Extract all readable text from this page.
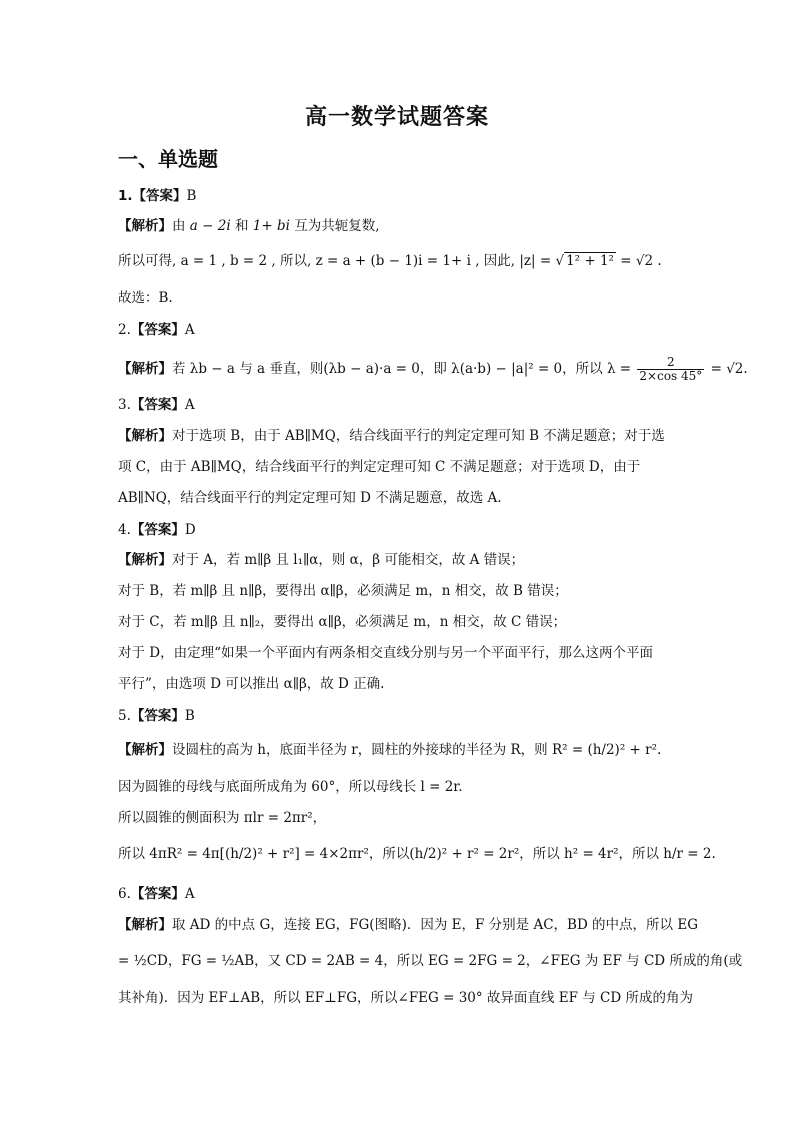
高一数学试题答案
一、单选题
1.【答案】B
【解析】由 a − 2i 和 1+ bi 互为共轭复数,
所以可得, a = 1 , b = 2 , 所以, z = a + (b − 1)i = 1+ i , 因此, |z| = √ 1² + 1² = √2 .
故选：B.
2.【答案】A
【解析】若 λb − a 与 a 垂直，则(λb − a)·a = 0，即 λ(a·b) − |a|² = 0，所以 $\lambda = \frac{2}{2\times\cos 45^\circ} = √2$.
3.【答案】A
【解析】对于选项 B，由于 AB∥MQ，结合线面平行的判定定理可知 B 不满足题意；对于选
项 C，由于 AB∥MQ，结合线面平行的判定定理可知 C 不满足题意；对于选项 D，由于
AB∥NQ，结合线面平行的判定定理可知 D 不满足题意，故选 A.
4.【答案】D
【解析】对于 A，若 m∥β 且 l₁∥α，则 α，β 可能相交，故 A 错误；
对于 B，若 m∥β 且 n∥β，要得出 α∥β，必须满足 m，n 相交，故 B 错误；
对于 C，若 m∥β 且 n∥₂，要得出 α∥β，必须满足 m，n 相交，故 C 错误；
对于 D，由定理“如果一个平面内有两条相交直线分别与另一个平面平行，那么这两个平面
平行”，由选项 D 可以推出 α∥β，故 D 正确.
5.【答案】B
【解析】设圆柱的高为 h，底面半径为 r，圆柱的外接球的半径为 R，则 R² = (h/2)² + r².
因为圆锥的母线与底面所成角为 60°，所以母线长 l = 2r.
所以圆锥的侧面积为 πlr = 2πr²，
所以 4πR² = 4π[(h/2)² + r²] = 4×2πr²，所以(h/2)² + r² = 2r²，所以 h² = 4r²，所以 h/r = 2.
6.【答案】A
【解析】取 AD 的中点 G，连接 EG，FG(图略)．因为 E，F 分别是 AC，BD 的中点，所以 EG
= ½CD，FG = ½AB，又 CD = 2AB = 4，所以 EG = 2FG = 2，∠FEG 为 EF 与 CD 所成的角(或
其补角)．因为 EF⊥AB，所以 EF⊥FG，所以∠FEG = 30° 故异面直线 EF 与 CD 所成的角为
